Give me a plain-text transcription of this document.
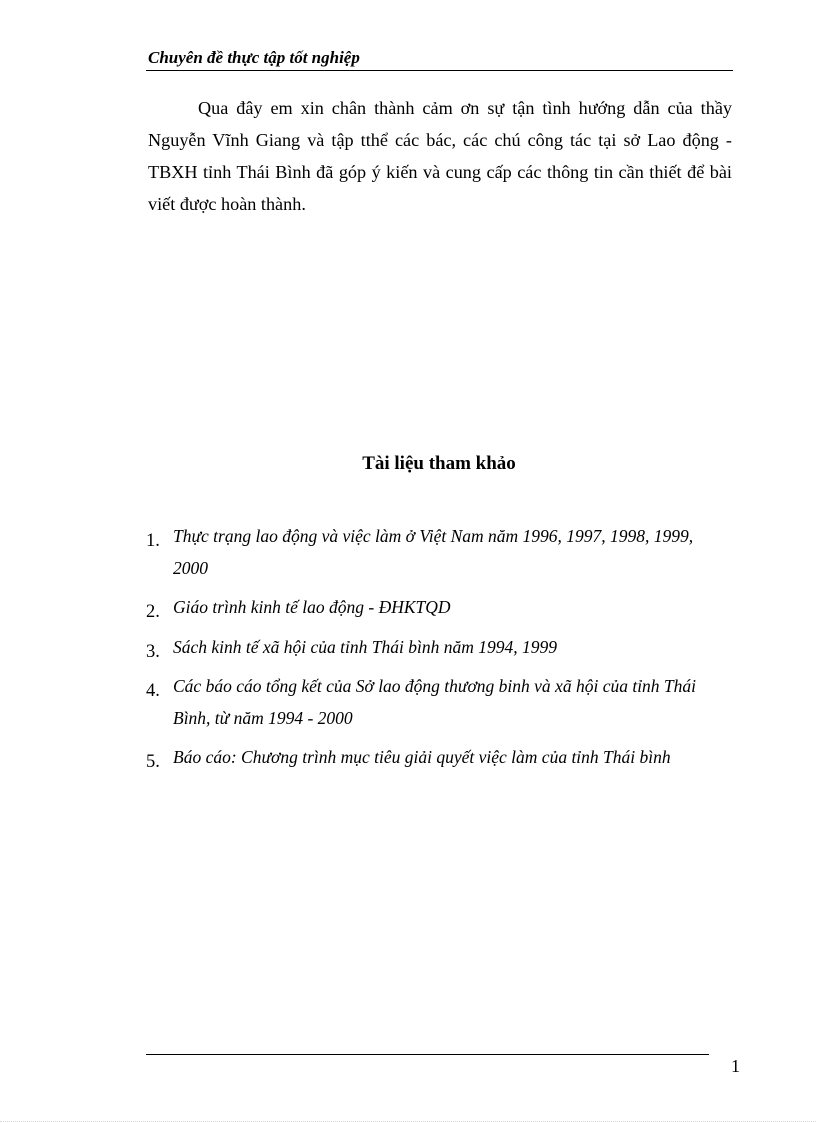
Chuyên đề thực tập tốt nghiệp

Qua đây em xin chân thành cảm ơn sự tận tình hướng dẫn của thầy Nguyễn Vĩnh Giang và tập tthể các bác, các chú công tác tại sở Lao động - TBXH tỉnh Thái Bình đã góp ý kiến và cung cấp các thông tin cần thiết để bài viết được hoàn thành.

Tài liệu tham khảo
1. Thực trạng lao động và việc làm ở Việt Nam năm 1996, 1997, 1998, 1999, 2000
2. Giáo trình kinh tế lao động - ĐHKTQD
3. Sách kinh tế xã hội của tỉnh Thái bình năm 1994, 1999
4. Các báo cáo tổng kết của Sở lao động thương binh và xã hội của tỉnh Thái Bình, từ năm 1994 - 2000
5. Báo cáo: Chương trình mục tiêu giải quyết việc làm của tỉnh Thái bình
1
